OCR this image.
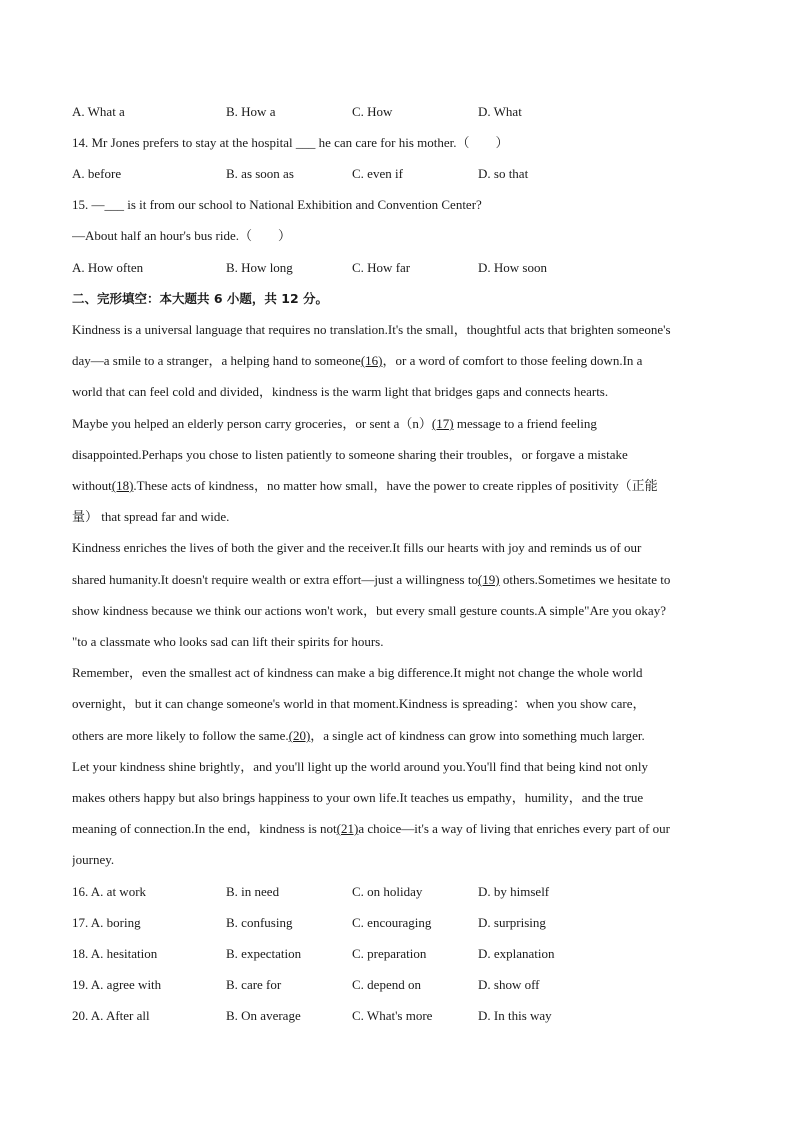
A. What a	B. How a	C. How	D. What
14. Mr Jones prefers to stay at the hospital ___ he can care for his mother.（　　）
A. before	B. as soon as	C. even if	D. so that
15. —___ is it from our school to National Exhibition and Convention Center?
—About half an hour's bus ride.（　　）
A. How often	B. How long	C. How far	D. How soon
二、完形填空：本大题共 6 小题，共 12 分。
Kindness is a universal language that requires no translation.It's the small，thoughtful acts that brighten someone's
day—a smile to a stranger，a helping hand to someone(16)，or a word of comfort to those feeling down.In a
world that can feel cold and divided，kindness is the warm light that bridges gaps and connects hearts.
Maybe you helped an elderly person carry groceries，or sent a（n）(17) message to a friend feeling
disappointed.Perhaps you chose to listen patiently to someone sharing their troubles，or forgave a mistake
without(18).These acts of kindness，no matter how small，have the power to create ripples of positivity（正能
量） that spread far and wide.
Kindness enriches the lives of both the giver and the receiver.It fills our hearts with joy and reminds us of our
shared humanity.It doesn't require wealth or extra effort—just a willingness to(19) others.Sometimes we hesitate to
show kindness because we think our actions won't work，but every small gesture counts.A simple"Are you okay?
"to a classmate who looks sad can lift their spirits for hours.
Remember，even the smallest act of kindness can make a big difference.It might not change the whole world
overnight，but it can change someone's world in that moment.Kindness is spreading：when you show care，
others are more likely to follow the same.(20)，a single act of kindness can grow into something much larger.
Let your kindness shine brightly，and you'll light up the world around you.You'll find that being kind not only
makes others happy but also brings happiness to your own life.It teaches us empathy，humility，and the true
meaning of connection.In the end，kindness is not(21)a choice—it's a way of living that enriches every part of our
journey.
16. A. at work	B. in need	C. on holiday	D. by himself
17. A. boring	B. confusing	C. encouraging	D. surprising
18. A. hesitation	B. expectation	C. preparation	D. explanation
19. A. agree with	B. care for	C. depend on	D. show off
20. A. After all	B. On average	C. What's more	D. In this way
